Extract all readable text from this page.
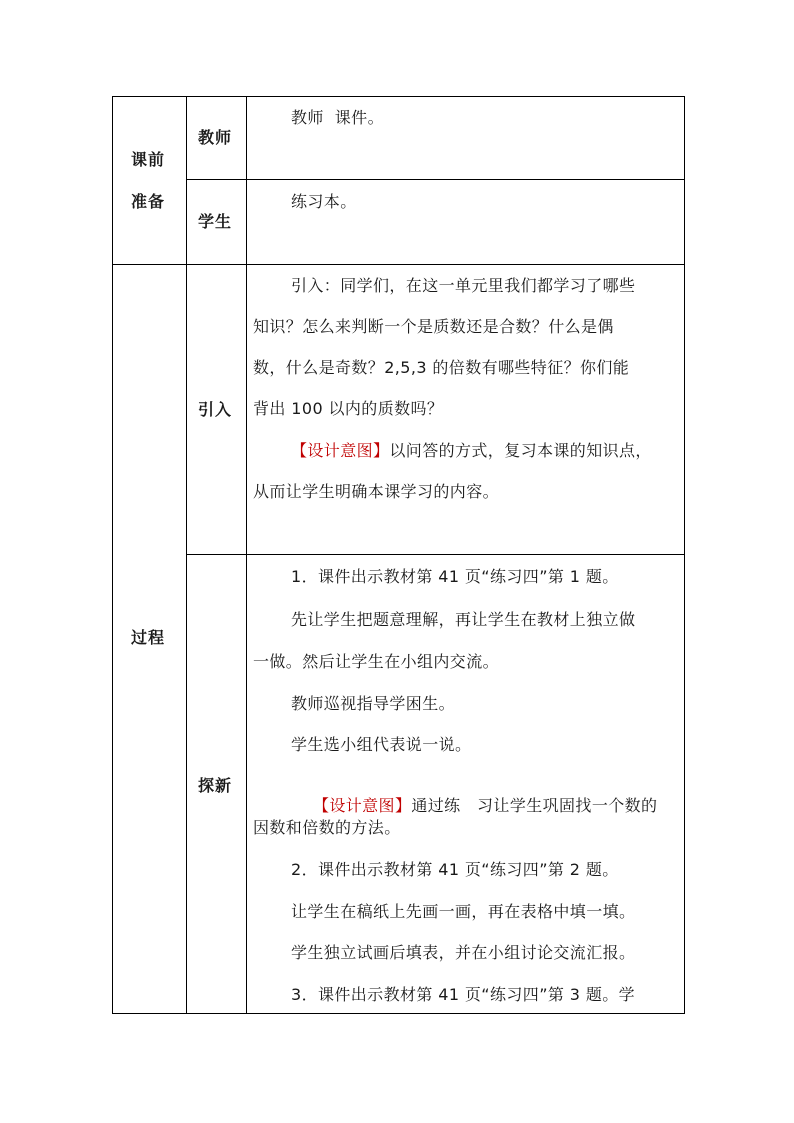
课前
准备
教师
教师  课件。
学生
练习本。
过程
引入
引入：同学们，在这一单元里我们都学习了哪些
知识？怎么来判断一个是质数还是合数？什么是偶
数，什么是奇数？2,5,3 的倍数有哪些特征？你们能
背出 100 以内的质数吗？
【设计意图】以问答的方式，复习本课的知识点，
从而让学生明确本课学习的内容。
探新
1．课件出示教材第 41 页“练习四”第 1 题。
先让学生把题意理解，再让学生在教材上独立做
一做。然后让学生在小组内交流。
教师巡视指导学困生。
学生选小组代表说一说。

【设计意图】通过练   习让学生巩固找一个数的

因数和倍数的方法。
2．课件出示教材第 41 页“练习四”第 2 题。
让学生在稿纸上先画一画，再在表格中填一填。
学生独立试画后填表，并在小组讨论交流汇报。
3．课件出示教材第 41 页“练习四”第 3 题。学
